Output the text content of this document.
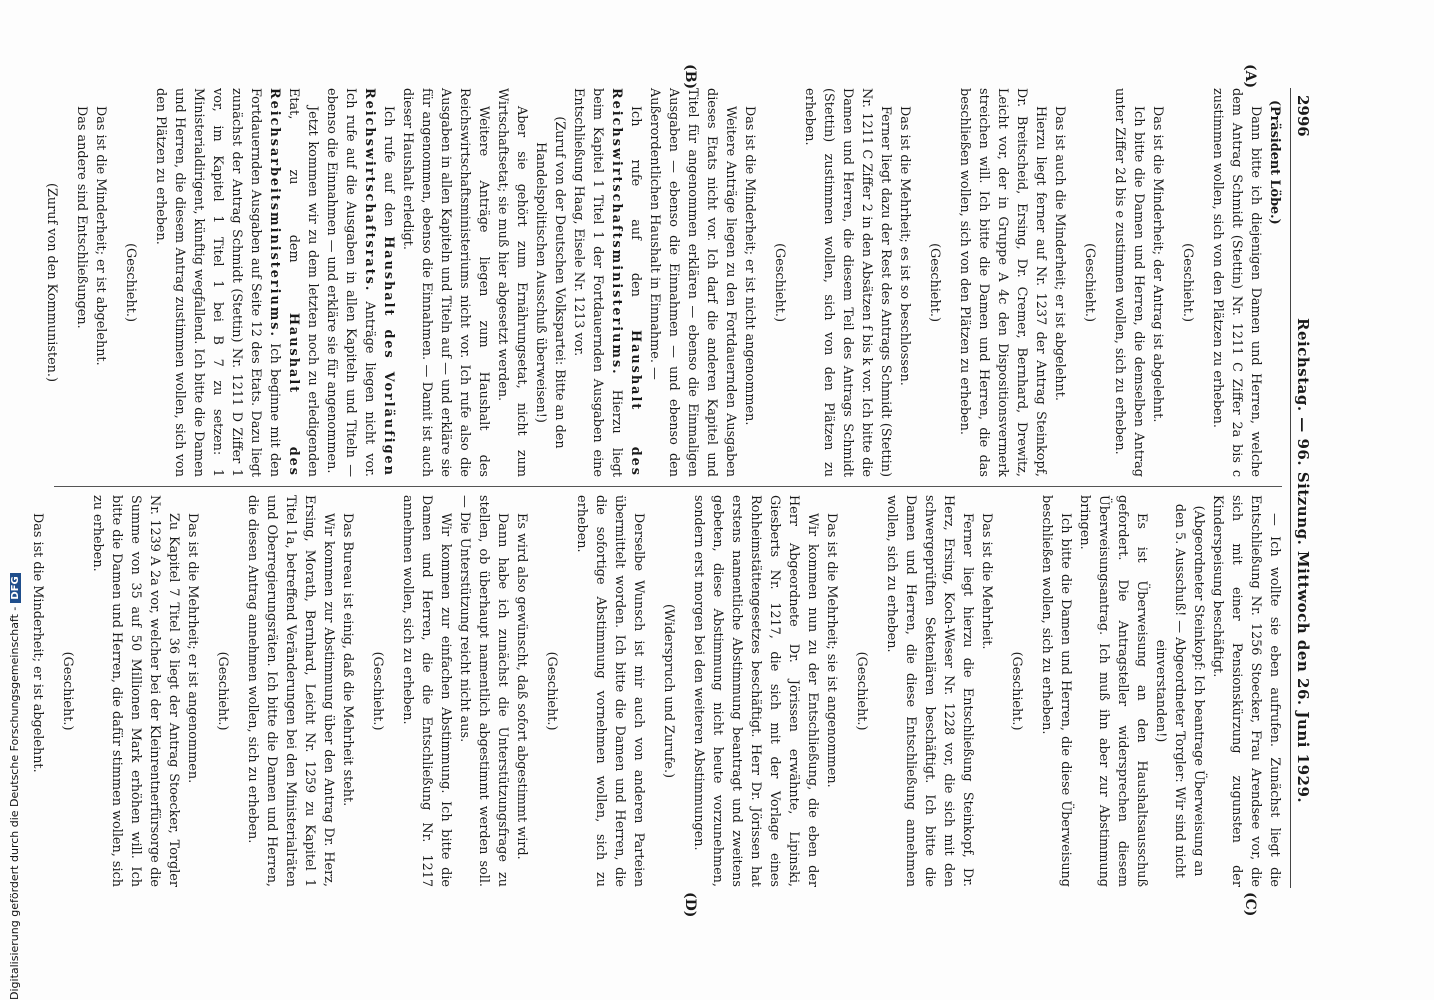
2996
Reichstag. — 96. Sitzung. Mittwoch den 26. Juni 1929.
(A)
(B)
(C)
(D)

(Präsident Löbe.)

Dann bitte ich diejenigen Damen und Herren, welche dem Antrag Schmidt (Stettin) Nr. 1211 C Ziffer 2a bis c zustimmen wollen, sich von den Plätzen zu erheben.

(Geschieht.)

Das ist die Minderheit; der Antrag ist abgelehnt.

Ich bitte die Damen und Herren, die demselben Antrag unter Ziffer 2d bis e zustimmen wollen, sich zu erheben.

(Geschieht.)

Das ist auch die Minderheit; er ist abgelehnt.

Hierzu liegt ferner auf Nr. 1237 der Antrag Steinkopf, Dr. Breitscheid, Ersing, Dr. Cremer, Bernhard, Drewitz, Leicht vor, der in Gruppe A 4c den Dispositionsvermerk streichen will. Ich bitte die Damen und Herren, die das beschließen wollen, sich von den Plätzen zu erheben.

(Geschieht.)

Das ist die Mehrheit; es ist so beschlossen.

Ferner liegt dazu der Rest des Antrags Schmidt (Stettin) Nr. 1211 C Ziffer 2 in den Absätzen f bis k vor. Ich bitte die Damen und Herren, die diesem Teil des Antrags Schmidt (Stettin) zustimmen wollen, sich von den Plätzen zu erheben.

(Geschieht.)

Das ist die Minderheit; er ist nicht angenommen.

Weitere Anträge liegen zu den Fortdauernden Ausgaben dieses Etats nicht vor. Ich darf die anderen Kapitel und Titel für angenommen erklären — ebenso die Einmaligen Ausgaben — ebenso die Einnahmen — und ebenso den Außerordentlichen Haushalt in Einnahme. —

Ich rufe auf den Haushalt des Reichswirtschaftsministeriums. Hierzu liegt beim Kapitel 1 Titel 1 der Fortdauernden Ausgaben eine Entschließung Haag, Eisele Nr. 1213 vor.

(Zuruf von der Deutschen Volkspartei: Bitte an den Handelspolitischen Ausschuß überweisen!)

Aber sie gehört zum Ernährungsetat, nicht zum Wirtschaftsetat; sie muß hier abgesetzt werden.

Weitere Anträge liegen zum Haushalt des Reichswirtschaftsministeriums nicht vor. Ich rufe also die Ausgaben in allen Kapiteln und Titeln auf — und erkläre sie für angenommen, ebenso die Einnahmen. — Damit ist auch dieser Haushalt erledigt.

Ich rufe auf den Haushalt des Vorläufigen Reichswirtschaftsrats. Anträge liegen nicht vor. Ich rufe auf die Ausgaben in allen Kapiteln und Titeln — ebenso die Einnahmen — und erkläre sie für angenommen.

Jetzt kommen wir zu dem letzten noch zu erledigenden Etat, zu dem Haushalt des Reichsarbeitsministeriums. Ich beginne mit den Fortdauernden Ausgaben auf Seite 12 des Etats. Dazu liegt zunächst der Antrag Schmidt (Stettin) Nr. 1211 D Ziffer 1 vor, im Kapitel 1 Titel 1 bei B 7 zu setzen: 1 Ministerialdirigent, künftig wegfallend. Ich bitte die Damen und Herren, die diesem Antrag zustimmen wollen, sich von den Plätzen zu erheben.

(Geschieht.)

Das ist die Minderheit; er ist abgelehnt.

Das andere sind Entschließungen.

(Zuruf von den Kommunisten.)

— Ich wollte sie eben aufrufen. Zunächst liegt die Entschließung Nr. 1256 Stoecker, Frau Arendsee vor, die sich mit einer Pensionskürzung zugunsten der Kinderspeisung beschäftigt.

(Abgeordneter Steinkopf: Ich beantrage Überweisung an den 5. Ausschuß! — Abgeordneter Torgler: Wir sind nicht einverstanden!)

Es ist Überweisung an den Haushaltsausschuß gefordert. Die Antragsteller widersprechen diesem Überweisungsantrag. Ich muß ihn aber zur Abstimmung bringen.

Ich bitte die Damen und Herren, die diese Überweisung beschließen wollen, sich zu erheben.

(Geschieht.)

Das ist die Mehrheit.

Ferner liegt hierzu die Entschließung Steinkopf, Dr. Herz, Ersing, Koch-Weser Nr. 1228 vor, die sich mit den schwergeprüften Sektenlären beschäftigt. Ich bitte die Damen und Herren, die diese Entschließung annehmen wollen, sich zu erheben.

(Geschieht.)

Das ist die Mehrheit; sie ist angenommen.

Wir kommen nun zu der Entschließung, die eben der Herr Abgeordnete Dr. Jörissen erwähnte, Lipinski, Giesberts Nr. 1217, die sich mit der Vorlage eines Rohheimstättengesetzes beschäftigt. Herr Dr. Jörissen hat erstens namentliche Abstimmung beantragt und zweitens gebeten, diese Abstimmung nicht heute vorzunehmen, sondern erst morgen bei den weiteren Abstimmungen.

(Widerspruch und Zurufe.)

Derselbe Wunsch ist mir auch von anderen Parteien übermittelt worden. Ich bitte die Damen und Herren, die die sofortige Abstimmung vornehmen wollen, sich zu erheben.

(Geschieht.)

Es wird also gewünscht, daß sofort abgestimmt wird.

Dann habe ich zunächst die Unterstützungsfrage zu stellen, ob überhaupt namentlich abgestimmt werden soll. — Die Unterstützung reicht nicht aus.

Wir kommen zur einfachen Abstimmung. Ich bitte die Damen und Herren, die die Entschließung Nr. 1217 annehmen wollen, sich zu erheben.

(Geschieht.)

Das Bureau ist einig, daß die Mehrheit steht.

Wir kommen zur Abstimmung über den Antrag Dr. Herz, Ersing, Morath, Bernhard, Leicht Nr. 1259 zu Kapitel 1 Titel 1a, betreffend Veränderungen bei den Ministerialräten und Oberregierungsräten. Ich bitte die Damen und Herren, die diesen Antrag annehmen wollen, sich zu erheben.

(Geschieht.)

Das ist die Mehrheit; er ist angenommen.

Zu Kapitel 7 Titel 36 liegt der Antrag Stoecker, Torgler Nr. 1239 A 2a vor, welcher bei der Kleinrentnerfürsorge die Summe von 35 auf 50 Millionen Mark erhöhen will. Ich bitte die Damen und Herren, die dafür stimmen wollen, sich zu erheben.

(Geschieht.)

Das ist die Minderheit; er ist abgelehnt.

Digitalisierung gefördert durch die Deutsche Forschungsgemeinschaft -DFG
